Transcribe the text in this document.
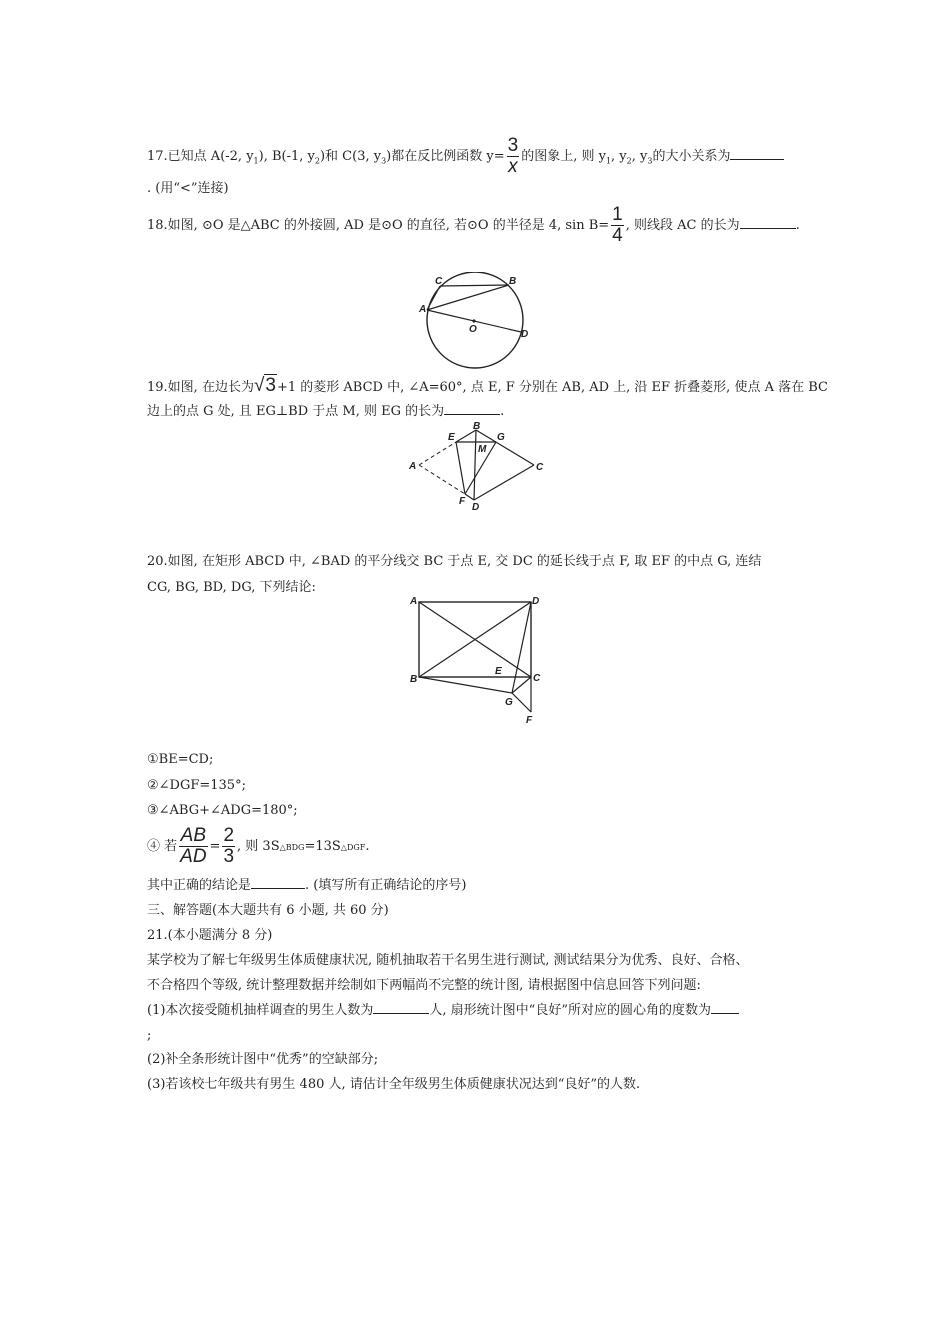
17.已知点 A(-2, $y_1$), B(-1, $y_2$)和 C(3, $y_3$)都在反比例函数 $y= \frac{3}{x}$ 的图象上, 则 $y_1$, $y_2$, $y_3$的大小关系为
. (用“<”连接)
18.如图, ⊙O 是△ABC 的外接圆, AD 是⊙O 的直径, 若⊙O 的半径是 4, $\sin B= \frac{1}{4}$ , 则线段 AC 的长为	.
C	B
A
O	D
19.如图, 在边长为√3+1 的菱形 ABCD 中, ∠A=60°, 点 E, F 分别在 AB, AD 上, 沿 EF 折叠菱形, 使点 A 落在 BC
边上的点 G 处, 且 EG⊥BD 于点 M, 则 EG 的长为	.
A
E
B
G
M
C
F
D
20.如图, 在矩形 ABCD 中, ∠BAD 的平分线交 BC 于点 E, 交 DC 的延长线于点 F, 取 EF 的中点 G, 连结
CG, BG, BD, DG, 下列结论:
A	D
B	C
E
G
F
①BE=CD;
②∠DGF=135°;
③∠ABG+∠ADG=180°;
④ 若 $\frac{AB}{AD} = \frac{2}{3}$ , 则 3S△BDG=13S△DGF.
其中正确的结论是	. (填写所有正确结论的序号)
三、解答题(本大题共有 6 小题, 共 60 分)
21.(本小题满分 8 分)
某学校为了解七年级男生体质健康状况, 随机抽取若干名男生进行测试, 测试结果分为优秀、良好、合格、
不合格四个等级, 统计整理数据并绘制如下两幅尚不完整的统计图, 请根据图中信息回答下列问题:
(1)本次接受随机抽样调查的男生人数为	人, 扇形统计图中“良好”所对应的圆心角的度数为
;
(2)补全条形统计图中“优秀”的空缺部分;
(3)若该校七年级共有男生 480 人, 请估计全年级男生体质健康状况达到“良好”的人数.
